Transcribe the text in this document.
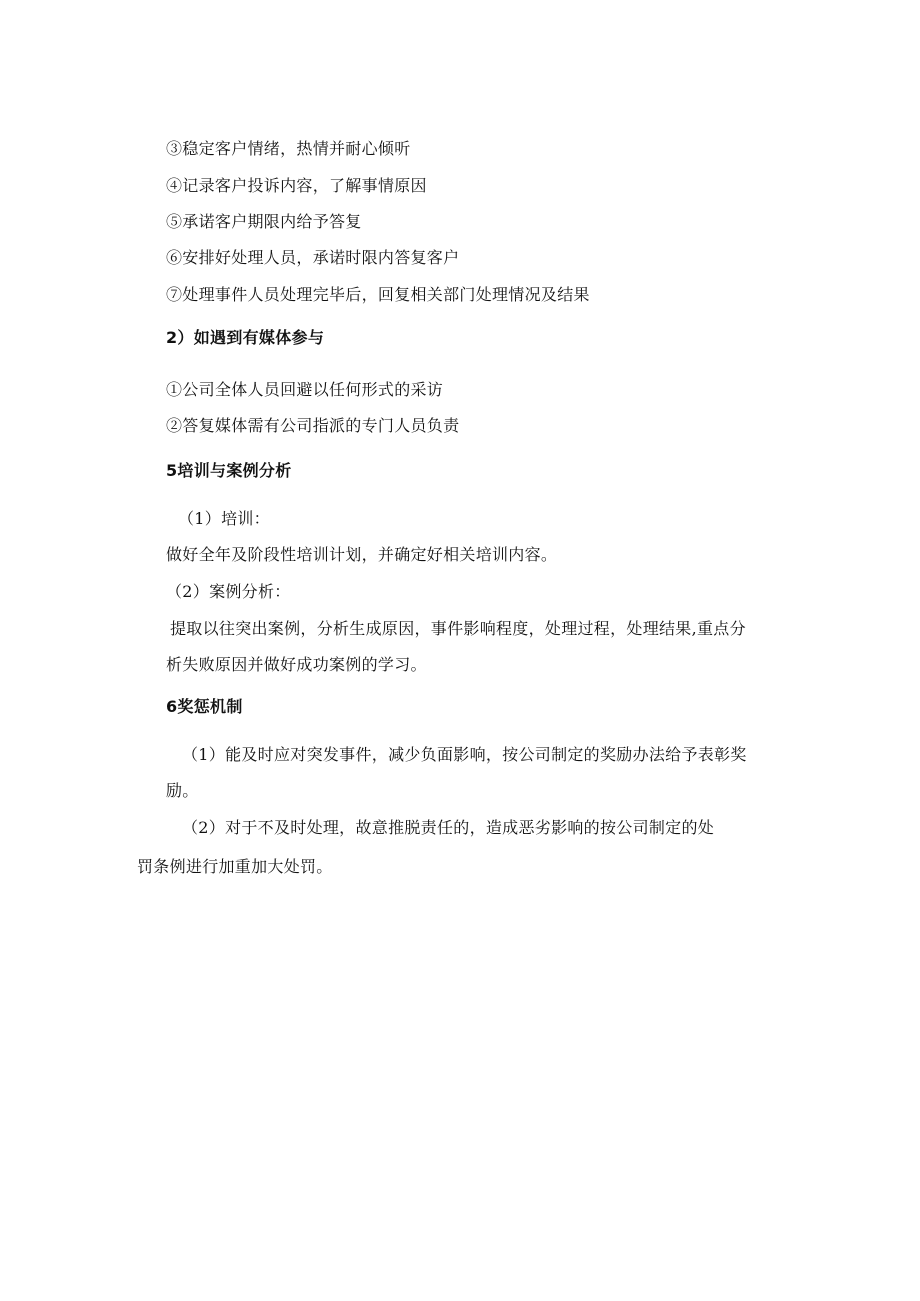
③稳定客户情绪，热情并耐心倾听
④记录客户投诉内容，了解事情原因
⑤承诺客户期限内给予答复
⑥安排好处理人员，承诺时限内答复客户
⑦处理事件人员处理完毕后，回复相关部门处理情况及结果
2）如遇到有媒体参与
①公司全体人员回避以任何形式的采访
②答复媒体需有公司指派的专门人员负责
5培训与案例分析
（1）培训：
做好全年及阶段性培训计划，并确定好相关培训内容。
（2）案例分析：
提取以往突出案例，分析生成原因，事件影响程度，处理过程，处理结果,重点分
析失败原因并做好成功案例的学习。
6奖惩机制
（1）能及时应对突发事件，减少负面影响，按公司制定的奖励办法给予表彰奖
励。
（2）对于不及时处理，故意推脱责任的，造成恶劣影响的按公司制定的处
罚条例进行加重加大处罚。
